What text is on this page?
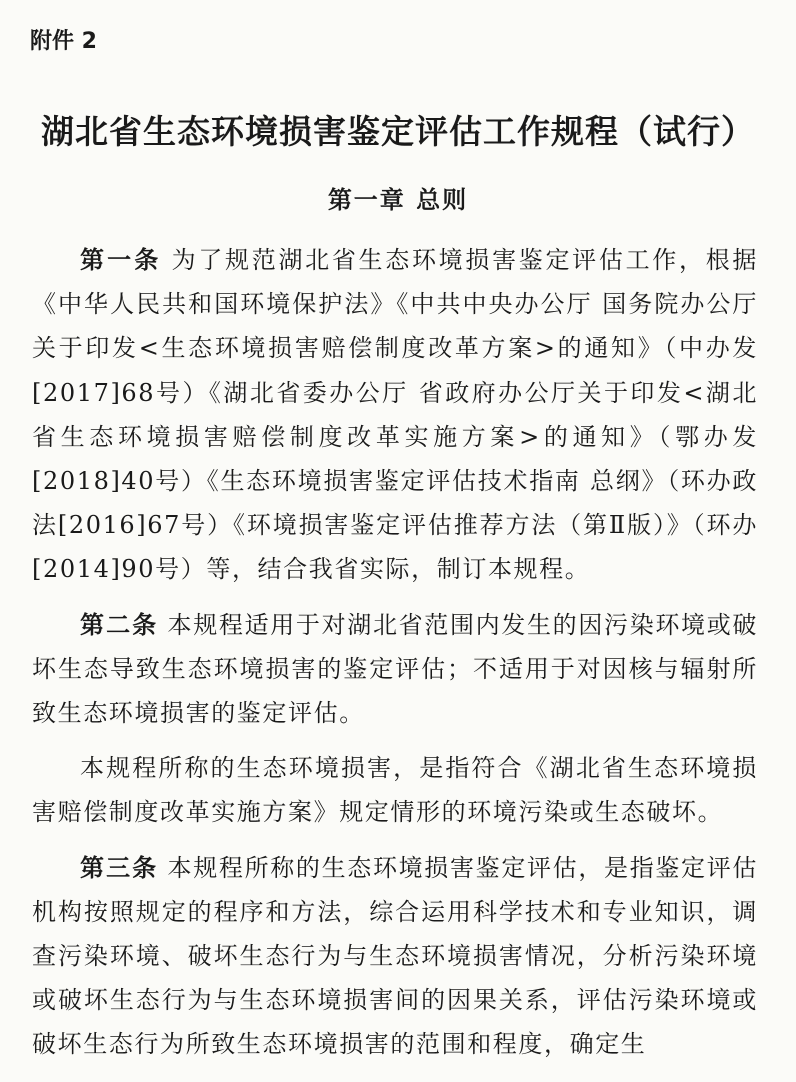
附件 2

湖北省生态环境损害鉴定评估工作规程（试行）
第一章 总则

第一条 为了规范湖北省生态环境损害鉴定评估工作，根据《中华人民共和国环境保护法》《中共中央办公厅 国务院办公厅关于印发<生态环境损害赔偿制度改革方案>的通知》（中办发[2017]68号）《湖北省委办公厅 省政府办公厅关于印发<湖北省生态环境损害赔偿制度改革实施方案>的通知》（鄂办发[2018]40号）《生态环境损害鉴定评估技术指南 总纲》（环办政法[2016]67号）《环境损害鉴定评估推荐方法（第Ⅱ版）》（环办[2014]90号）等，结合我省实际，制订本规程。

第二条 本规程适用于对湖北省范围内发生的因污染环境或破坏生态导致生态环境损害的鉴定评估；不适用于对因核与辐射所致生态环境损害的鉴定评估。

本规程所称的生态环境损害，是指符合《湖北省生态环境损害赔偿制度改革实施方案》规定情形的环境污染或生态破坏。

第三条 本规程所称的生态环境损害鉴定评估，是指鉴定评估机构按照规定的程序和方法，综合运用科学技术和专业知识，调查污染环境、破坏生态行为与生态环境损害情况，分析污染环境或破坏生态行为与生态环境损害间的因果关系，评估污染环境或破坏生态行为所致生态环境损害的范围和程度，确定生
